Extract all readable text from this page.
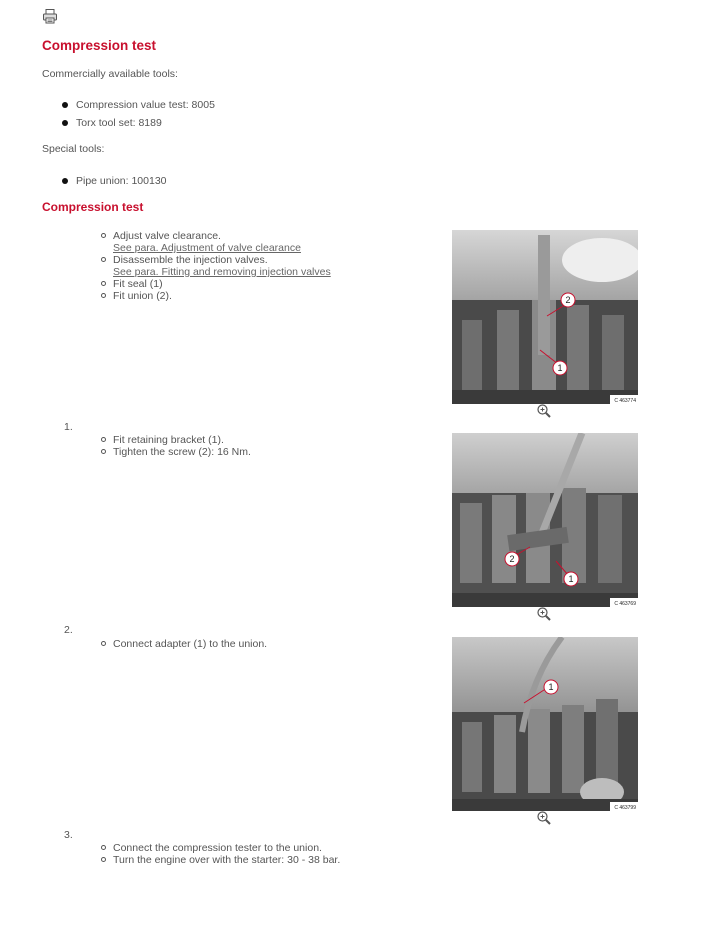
Compression test

Commercially available tools:

Compression value test: 8005
Torx tool set: 8189

Special tools:

Pipe union: 100130
Compression test
Adjust valve clearance.
See para. Adjustment of valve clearance
Disassemble the injection valves.
See para. Fitting and removing injection valves
Fit seal (1)
Fit union (2).	2
1
C 463774
1.
Fit retaining bracket (1).
Tighten the screw (2): 16 Nm.
2
1
C 463769
2.
Connect adapter (1) to the union.
1
C 463799
3.
Connect the compression tester to the union.
Turn the engine over with the starter: 30 - 38 bar.
